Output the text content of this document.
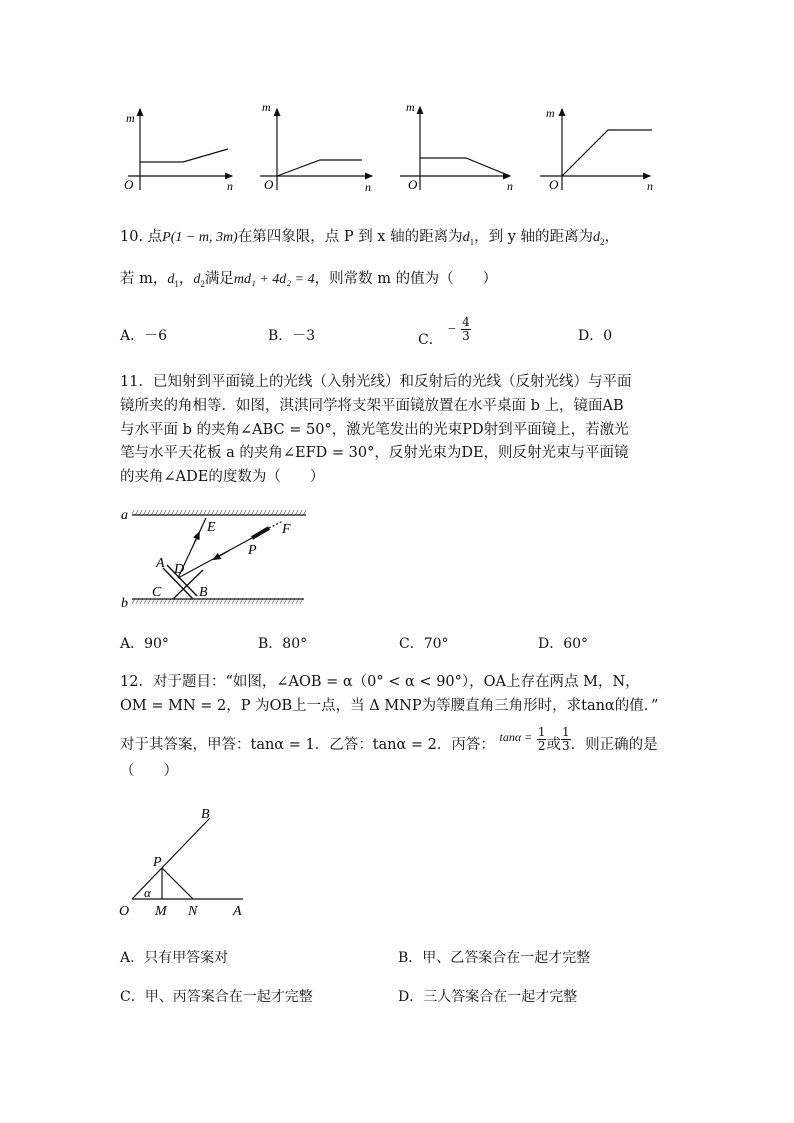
m
n
O
m
n
O
m
n
O
m
n
O
10. 点P(1 − m, 3m)在第四象限，点 P 到 x 轴的距离为$d_1$，到 y 轴的距离为$d_2$，
若 m，$d_1$，$d_2$满足md₁ + 4d₂ = 4，则常数 m 的值为（　　）
A．－6	B．－3	C． − $\frac{4}{3}$	D．0
11．已知射到平面镜上的光线（入射光线）和反射后的光线（反射光线）与平面
镜所夹的角相等．如图，淇淇同学将支架平面镜放置在水平桌面 b 上，镜面AB
与水平面 b 的夹角∠ABC = 50°，激光笔发出的光束PD射到平面镜上，若激光
笔与水平天花板 a 的夹角∠EFD = 30°，反射光束为DE，则反射光束与平面镜
的夹角∠ADE的度数为（　　）
a
b
E	F
P
A D
C	B
A．90°	B．80°	C．70°	D．60°
12．对于题目：“如图，∠AOB = α（0° < α < 90°），OA上存在两点 M，N，
OM = MN = 2，P 为OB上一点，当 Δ MNP为等腰直角三角形时，求tanα的值．”
对于其答案，甲答：tanα = 1．乙答：tanα = 2．丙答： $\tan\alpha = \frac{1}{2}$ 或 $\frac{1}{3}$ ．则正确的是
（　　）
B
P
α
O M N	A
A．只有甲答案对	B．甲、乙答案合在一起才完整
C．甲、丙答案合在一起才完整	D．三人答案合在一起才完整
